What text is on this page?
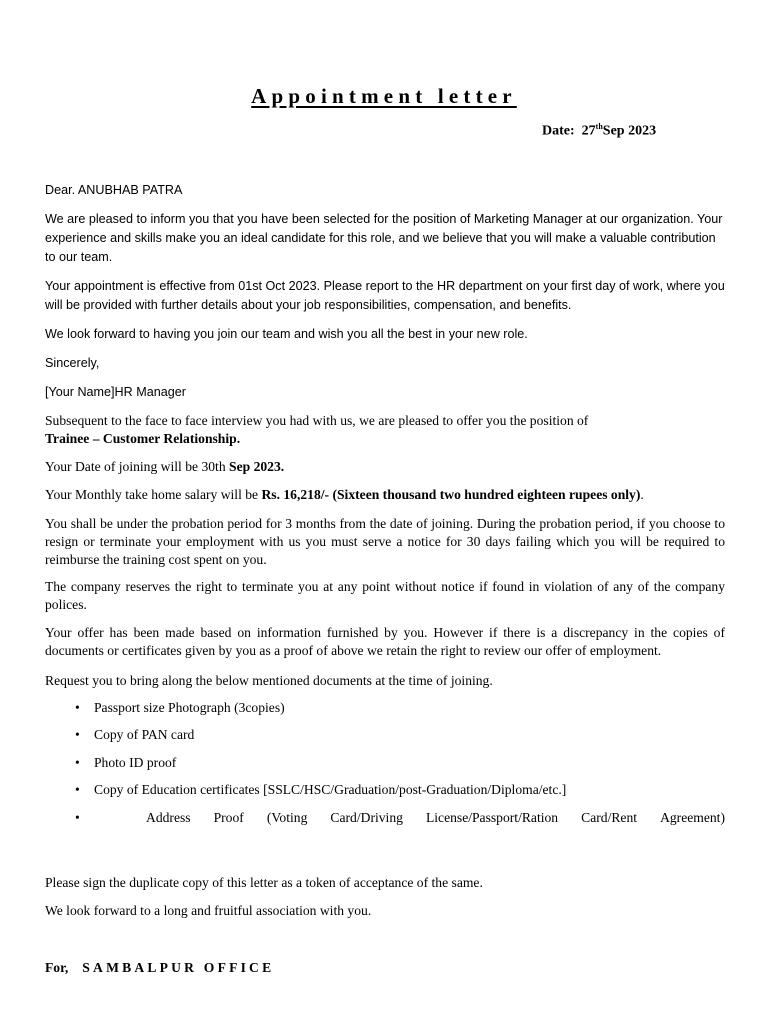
Appointment letter
Date: 27thSep 2023

Dear. ANUBHAB PATRA

We are pleased to inform you that you have been selected for the position of Marketing Manager at our organization. Your experience and skills make you an ideal candidate for this role, and we believe that you will make a valuable contribution to our team.

Your appointment is effective from 01st Oct 2023. Please report to the HR department on your first day of work, where you will be provided with further details about your job responsibilities, compensation, and benefits.

We look forward to having you join our team and wish you all the best in your new role.

Sincerely,

[Your Name]HR Manager

Subsequent to the face to face interview you had with us, we are pleased to offer you the position of
Trainee – Customer Relationship.
Your Date of joining will be 30th Sep 2023.
Your Monthly take home salary will be Rs. 16,218/- (Sixteen thousand two hundred eighteen rupees only).

You shall be under the probation period for 3 months from the date of joining. During the probation period, if you choose to resign or terminate your employment with us you must serve a notice for 30 days failing which you will be required to reimburse the training cost spent on you.

The company reserves the right to terminate you at any point without notice if found in violation of any of the company polices.

Your offer has been made based on information furnished by you. However if there is a discrepancy in the copies of documents or certificates given by you as a proof of above we retain the right to review our offer of employment.

Request you to bring along the below mentioned documents at the time of joining.

• Passport size Photograph (3copies)
• Copy of PAN card
• Photo ID proof
• Copy of Education certificates [SSLC/HSC/Graduation/post-Graduation/Diploma/etc.]
•	Address Proof (Voting Card/Driving License/Passport/Ration Card/Rent Agreement)

Please sign the duplicate copy of this letter as a token of acceptance of the same.

We look forward to a long and fruitful association with you.

For, SAMBALPUR OFFICE
